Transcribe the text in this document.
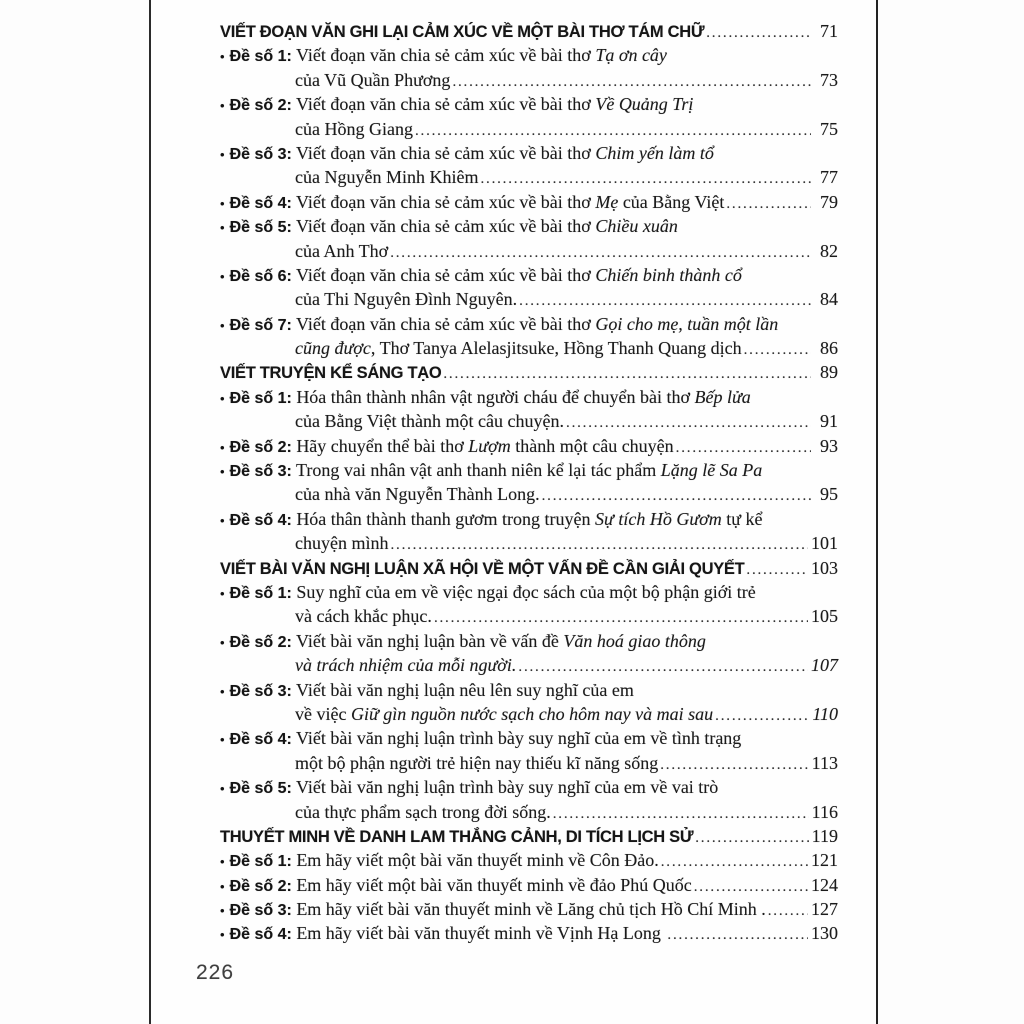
VIẾT ĐOẠN VĂN GHI LẠI CẢM XÚC VỀ MỘT BÀI THƠ TÁM CHỮ .....	71
• Đề số 1: Viết đoạn văn chia sẻ cảm xúc về bài thơ Tạ ơn cây
của Vũ Quần Phương .....	73
• Đề số 2: Viết đoạn văn chia sẻ cảm xúc về bài thơ Về Quảng Trị
của Hồng Giang .....	75
• Đề số 3: Viết đoạn văn chia sẻ cảm xúc về bài thơ Chim yến làm tổ
của Nguyễn Minh Khiêm .....	77
• Đề số 4: Viết đoạn văn chia sẻ cảm xúc về bài thơ Mẹ của Bằng Việt .....	79
• Đề số 5: Viết đoạn văn chia sẻ cảm xúc về bài thơ Chiều xuân
của Anh Thơ .....	82
• Đề số 6: Viết đoạn văn chia sẻ cảm xúc về bài thơ Chiến binh thành cổ
của Thi Nguyên Đình Nguyên. .....	84
• Đề số 7: Viết đoạn văn chia sẻ cảm xúc về bài thơ Gọi cho mẹ, tuần một lần
cũng được , Thơ Tanya Alelasjitsuke, Hồng Thanh Quang dịch .....	86
VIẾT TRUYỆN KỂ SÁNG TẠO .....	89
• Đề số 1: Hóa thân thành nhân vật người cháu để chuyển bài thơ Bếp lửa
của Bằng Việt thành một câu chuyện. .....	91
• Đề số 2: Hãy chuyển thể bài thơ Lượm thành một câu chuyện .....	93
• Đề số 3: Trong vai nhân vật anh thanh niên kể lại tác phẩm Lặng lẽ Sa Pa
của nhà văn Nguyễn Thành Long. .....	95
• Đề số 4: Hóa thân thành thanh gươm trong truyện Sự tích Hồ Gươm tự kể
chuyện mình .....	101
VIẾT BÀI VĂN NGHỊ LUẬN XÃ HỘI VỀ MỘT VẤN ĐỀ CẦN GIẢI QUYẾT .....	103
• Đề số 1: Suy nghĩ của em về việc ngại đọc sách của một bộ phận giới trẻ
và cách khắc phục. .....	105
• Đề số 2: Viết bài văn nghị luận bàn về vấn đề Văn hoá giao thông
và trách nhiệm của mỗi người. .....	107
• Đề số 3: Viết bài văn nghị luận nêu lên suy nghĩ của em
về việc Giữ gìn nguồn nước sạch cho hôm nay và mai sau .....	110
• Đề số 4: Viết bài văn nghị luận trình bày suy nghĩ của em về tình trạng
một bộ phận người trẻ hiện nay thiếu kĩ năng sống .....	113
• Đề số 5: Viết bài văn nghị luận trình bày suy nghĩ của em về vai trò
của thực phẩm sạch trong đời sống. .....	116
THUYẾT MINH VỀ DANH LAM THẮNG CẢNH, DI TÍCH LỊCH SỬ .....	119
• Đề số 1: Em hãy viết một bài văn thuyết minh về Côn Đảo. .....	121
• Đề số 2: Em hãy viết một bài văn thuyết minh về đảo Phú Quốc .....	124
• Đề số 3: Em hãy viết bài văn thuyết minh về Lăng chủ tịch Hồ Chí Minh . .....	127
• Đề số 4: Em hãy viết bài văn thuyết minh về Vịnh Hạ Long .....	130
226
